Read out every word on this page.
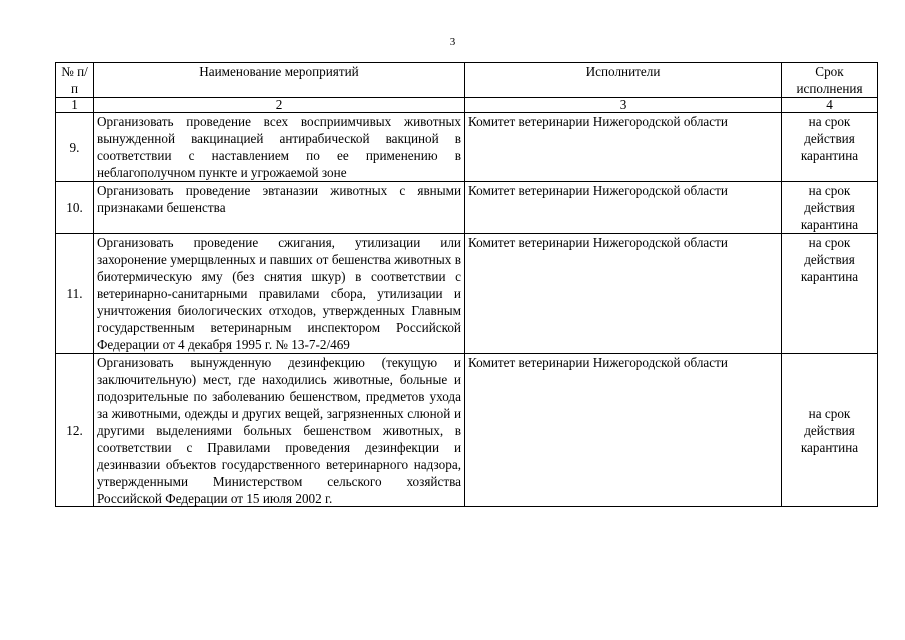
3
№ п/п	Наименование мероприятий	Исполнители	Срок исполнения
1	2	3	4
9.	Организовать проведение всех восприимчивых животных вынужденной вакцинацией антирабической вакциной в соответствии с наставлением по ее применению в неблагополучном пункте и угрожаемой зоне	Комитет ветеринарии Нижегородской области	на срок действия карантина
10.	Организовать проведение эвтаназии животных с явными признаками бешенства	Комитет ветеринарии Нижегородской области	на срок действия карантина
11.	Организовать проведение сжигания, утилизации или захоронение умерщвленных и павших от бешенства животных в биотермическую яму (без снятия шкур) в соответствии с ветеринарно-санитарными правилами сбора, утилизации и уничтожения биологических отходов, утвержденных Главным государственным ветеринарным инспектором Российской Федерации от 4 декабря 1995 г. № 13-7-2/469	Комитет ветеринарии Нижегородской области	на срок действия карантина
12.	Организовать вынужденную дезинфекцию (текущую и заключительную) мест, где находились животные, больные и подозрительные по заболеванию бешенством, предметов ухода за животными, одежды и других вещей, загрязненных слюной и другими выделениями больных бешенством животных, в соответствии с Правилами проведения дезинфекции и дезинвазии объектов государственного ветеринарного надзора, утвержденными Министерством сельского хозяйства Российской Федерации от 15 июля 2002 г.	Комитет ветеринарии Нижегородской области	на срок действия карантина
